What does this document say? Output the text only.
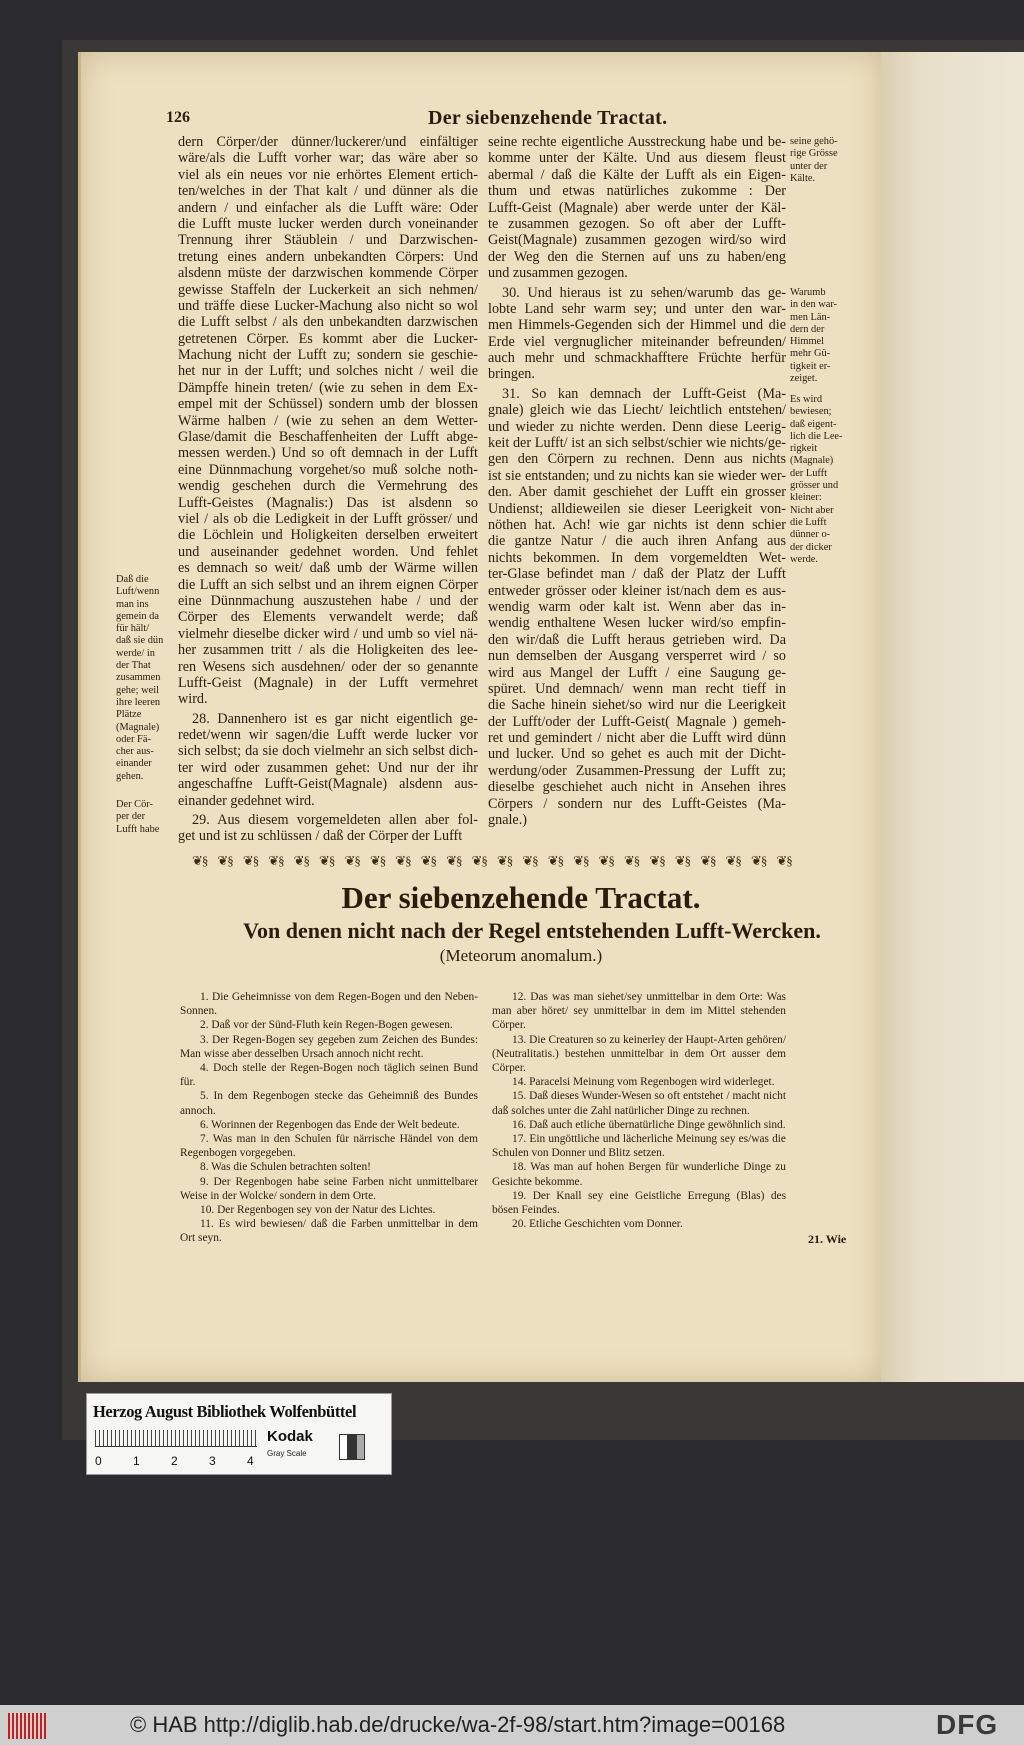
126	Der siebenzehende Tractat.
dern Cörper/der dünner/luckerer/und einfältiger
wäre/als die Lufft vorher war; das wäre aber so
viel als ein neues vor nie erhörtes Element ertich-
ten/welches in der That kalt / und dünner als die
andern / und einfacher als die Lufft wäre: Oder
die Lufft muste lucker werden durch voneinander
Trennung ihrer Stäublein / und Darzwischen-
tretung eines andern unbekandten Cörpers: Und
alsdenn müste der darzwischen kommende Cörper
gewisse Staffeln der Luckerkeit an sich nehmen/
und träffe diese Lucker-Machung also nicht so wol
die Lufft selbst / als den unbekandten darzwischen
getretenen Cörper. Es kommt aber die Lucker-
Machung nicht der Lufft zu; sondern sie geschie-
het nur in der Lufft; und solches nicht / weil die
Dämpffe hinein treten/ (wie zu sehen in dem Ex-
empel mit der Schüssel) sondern umb der blossen
Wärme halben / (wie zu sehen an dem Wetter-
Glase/damit die Beschaffenheiten der Lufft abge-
messen werden.) Und so oft demnach in der Lufft
eine Dünnmachung vorgehet/so muß solche noth-
wendig geschehen durch die Vermehrung des
Lufft-Geistes (Magnalis:) Das ist alsdenn so
viel / als ob die Ledigkeit in der Lufft grösser/ und
die Löchlein und Holigkeiten derselben erweitert
und auseinander gedehnet worden. Und fehlet
es demnach so weit/ daß umb der Wärme willen
die Lufft an sich selbst und an ihrem eignen Cörper
eine Dünnmachung auszustehen habe / und der
Cörper des Elements verwandelt werde; daß
vielmehr dieselbe dicker wird / und umb so viel nä-
her zusammen tritt / als die Holigkeiten des lee-
ren Wesens sich ausdehnen/ oder der so genannte
Lufft-Geist (Magnale) in der Lufft vermehret
wird.
28. Dannenhero ist es gar nicht eigentlich ge-
redet/wenn wir sagen/die Lufft werde lucker vor
sich selbst; da sie doch vielmehr an sich selbst dich-
ter wird oder zusammen gehet: Und nur der ihr
angeschaffne Lufft-Geist(Magnale) alsdenn aus-
einander gedehnet wird.
29. Aus diesem vorgemeldeten allen aber fol-
get und ist zu schlüssen / daß der Cörper der Lufft
seine rechte eigentliche Ausstreckung habe und be-
komme unter der Kälte. Und aus diesem fleust
abermal / daß die Kälte der Lufft als ein Eigen-
thum und etwas natürliches zukomme : Der
Lufft-Geist (Magnale) aber werde unter der Käl-
te zusammen gezogen. So oft aber der Lufft-
Geist(Magnale) zusammen gezogen wird/so wird
der Weg den die Sternen auf uns zu haben/eng
und zusammen gezogen.
30. Und hieraus ist zu sehen/warumb das ge-
lobte Land sehr warm sey; und unter den war-
men Himmels-Gegenden sich der Himmel und die
Erde viel vergnuglicher miteinander befreunden/
auch mehr und schmackhafftere Früchte herfür
bringen.
31. So kan demnach der Lufft-Geist (Ma-
gnale) gleich wie das Liecht/ leichtlich entstehen/
und wieder zu nichte werden. Denn diese Leerig-
keit der Lufft/ ist an sich selbst/schier wie nichts/ge-
gen den Cörpern zu rechnen. Denn aus nichts
ist sie entstanden; und zu nichts kan sie wieder wer-
den. Aber damit geschiehet der Lufft ein grosser
Undienst; alldieweilen sie dieser Leerigkeit von-
nöthen hat. Ach! wie gar nichts ist denn schier
die gantze Natur / die auch ihren Anfang aus
nichts bekommen. In dem vorgemeldten Wet-
ter-Glase befindet man / daß der Platz der Lufft
entweder grösser oder kleiner ist/nach dem es aus-
wendig warm oder kalt ist. Wenn aber das in-
wendig enthaltene Wesen lucker wird/so empfin-
den wir/daß die Lufft heraus getrieben wird. Da
nun demselben der Ausgang versperret wird / so
wird aus Mangel der Lufft / eine Saugung ge-
spüret. Und demnach/ wenn man recht tieff in
die Sache hinein siehet/so wird nur die Leerigkeit
der Lufft/oder der Lufft-Geist( Magnale ) gemeh-
ret und gemindert / nicht aber die Lufft wird dünn
und lucker. Und so gehet es auch mit der Dicht-
werdung/oder Zusammen-Pressung der Lufft zu;
dieselbe geschiehet auch nicht in Ansehen ihres
Cörpers / sondern nur des Lufft-Geistes (Ma-
gnale.)
seine gehö-
rige Grösse
unter der
Kälte.
Warumb
in den war-
men Län-
dern der
Himmel
mehr Gü-
tigkeit er-
zeiget.
Es wird
bewiesen;
daß eigent-
lich die Lee-
rigkeit
(Magnale)
der Lufft
grösser und
kleiner:
Nicht aber
die Lufft
dünner o-
der dicker
werde.
Daß die
Luft/wenn
man ins
gemein da
für hält/
daß sie dün
werde/ in
der That
zusammen
gehe; weil
ihre leeren
Plätze
(Magnale)
oder Fä-
cher aus-
einander
gehen.
Der Cör-
per der
Lufft habe
❦§ ❦§ ❦§ ❦§ ❦§ ❦§ ❦§ ❦§ ❦§ ❦§ ❦§ ❦§ ❦§ ❦§ ❦§ ❦§ ❦§ ❦§ ❦§ ❦§ ❦§ ❦§ ❦§ ❦§
Der siebenzehende Tractat.
Von denen nicht nach der Regel entstehenden Lufft-Wercken.
(Meteorum anomalum.)

1. Die Geheimnisse von dem Regen-Bogen und den Neben-Sonnen.

2. Daß vor der Sünd-Fluth kein Regen-Bogen gewesen.

3. Der Regen-Bogen sey gegeben zum Zeichen des Bundes: Man wisse aber desselben Ursach annoch nicht recht.

4. Doch stelle der Regen-Bogen noch täglich seinen Bund für.

5. In dem Regenbogen stecke das Geheimniß des Bundes annoch.

6. Worinnen der Regenbogen das Ende der Welt bedeute.

7. Was man in den Schulen für närrische Händel von dem Regenbogen vorgegeben.

8. Was die Schulen betrachten solten!

9. Der Regenbogen habe seine Farben nicht unmittelbarer Weise in der Wolcke/ sondern in dem Orte.

10. Der Regenbogen sey von der Natur des Lichtes.

11. Es wird bewiesen/ daß die Farben unmittelbar in dem Ort seyn.

12. Das was man siehet/sey unmittelbar in dem Orte: Was man aber höret/ sey unmittelbar in dem im Mittel stehenden Cörper.

13. Die Creaturen so zu keinerley der Haupt-Arten gehören/ (Neutralitatis.) bestehen unmittelbar in dem Ort ausser dem Cörper.

14. Paracelsi Meinung vom Regenbogen wird widerleget.

15. Daß dieses Wunder-Wesen so oft entstehet / macht nicht daß solches unter die Zahl natürlicher Dinge zu rechnen.

16. Daß auch etliche übernatürliche Dinge gewöhnlich sind.

17. Ein ungöttliche und lächerliche Meinung sey es/was die Schulen von Donner und Blitz setzen.

18. Was man auf hohen Bergen für wunderliche Dinge zu Gesichte bekomme.

19. Der Knall sey eine Geistliche Erregung (Blas) des bösen Feindes.

20. Etliche Geschichten vom Donner.

21. Wie
Herzog August Bibliothek Wolfenbüttel
0	1	2	3	4
Kodak
Gray Scale
© HAB http://diglib.hab.de/drucke/wa-2f-98/start.htm?image=00168	DFG
